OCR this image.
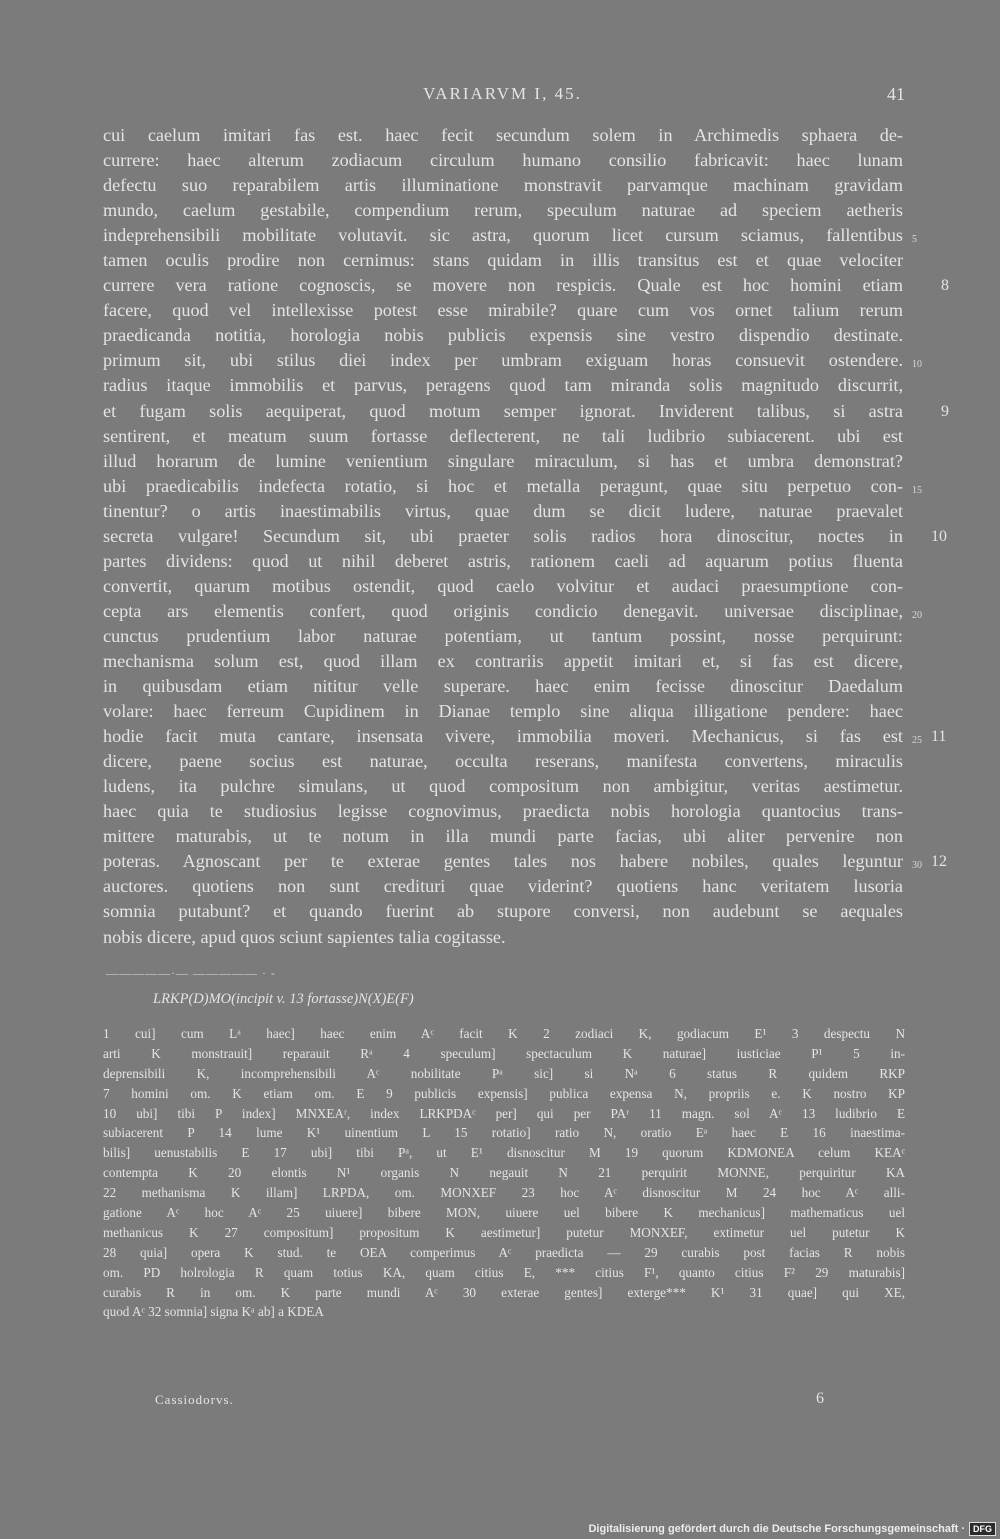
VARIARVM I, 45.	41
cui caelum imitari fas est. haec fecit secundum solem in Archimedis sphaera de-
currere: haec alterum zodiacum circulum humano consilio fabricavit: haec lunam
defectu suo reparabilem artis illuminatione monstravit parvamque machinam gravidam
mundo, caelum gestabile, compendium rerum, speculum naturae ad speciem aetheris
indeprehensibili mobilitate volutavit. sic astra, quorum licet cursum sciamus, fallentibus 5
tamen oculis prodire non cernimus: stans quidam in illis transitus est et quae velociter
currere vera ratione cognoscis, se movere non respicis. Quale est hoc homini etiam 8
facere, quod vel intellexisse potest esse mirabile? quare cum vos ornet talium rerum
praedicanda notitia, horologia nobis publicis expensis sine vestro dispendio destinate.
primum sit, ubi stilus diei index per umbram exiguam horas consuevit ostendere. 10
radius itaque immobilis et parvus, peragens quod tam miranda solis magnitudo discurrit,
et fugam solis aequiperat, quod motum semper ignorat. Inviderent talibus, si astra 9
sentirent, et meatum suum fortasse deflecterent, ne tali ludibrio subiacerent. ubi est
illud horarum de lumine venientium singulare miraculum, si has et umbra demonstrat?
ubi praedicabilis indefecta rotatio, si hoc et metalla peragunt, quae situ perpetuo con- 15
tinentur? o artis inaestimabilis virtus, quae dum se dicit ludere, naturae praevalet
secreta vulgare! Secundum sit, ubi praeter solis radios hora dinoscitur, noctes in 10
partes dividens: quod ut nihil deberet astris, rationem caeli ad aquarum potius fluenta
convertit, quarum motibus ostendit, quod caelo volvitur et audaci praesumptione con-
cepta ars elementis confert, quod originis condicio denegavit. universae disciplinae, 20
cunctus prudentium labor naturae potentiam, ut tantum possint, nosse perquirunt:
mechanisma solum est, quod illam ex contrariis appetit imitari et, si fas est dicere,
in quibusdam etiam nititur velle superare. haec enim fecisse dinoscitur Daedalum
volare: haec ferreum Cupidinem in Dianae templo sine aliqua illigatione pendere: haec
hodie facit muta cantare, insensata vivere, immobilia moveri. Mechanicus, si fas est 25 11
dicere, paene socius est naturae, occulta reserans, manifesta convertens, miraculis
ludens, ita pulchre simulans, ut quod compositum non ambigitur, veritas aestimetur.
haec quia te studiosius legisse cognovimus, praedicta nobis horologia quantocius trans-
mittere maturabis, ut te notum in illa mundi parte facias, ubi aliter pervenire non
poteras. Agnoscant per te exterae gentes tales nos habere nobiles, quales leguntur 30 12
auctores. quotiens non sunt credituri quae viderint? quotiens hanc veritatem lusoria
somnia putabunt? et quando fuerint ab stupore conversi, non audebunt se aequales
nobis dicere, apud quos sciunt sapientes talia cogitasse.
—————·— ————— · -
LRKP(D)MO(incipit v. 13 fortasse)N(X)E(F)
1 cui] cum Lᵃ haec] haec enim Aᶜ facit K 2 zodiaci K, godiacum E¹ 3 despectu N
arti K monstrauit] reparauit Rᵃ 4 speculum] spectaculum K naturae] iusticiae P¹ 5 in-
deprensibili K, incomprehensibili Aᶜ nobilitate Pᵃ sic] si Nᵃ 6 status R quidem RKP
7 homini om. K etiam om. E 9 publicis expensis] publica expensa N, propriis e. K nostro KP
10 ubi] tibi P index] MNXEAʳ, index LRKPDAᶜ per] qui per PAʳ 11 magn. sol Aᶜ 13 ludibrio E
subiacerent P 14 lume K¹ uinentium L 15 rotatio] ratio N, oratio Eᵃ haec E 16 inaestima-
bilis] uenustabilis E 17 ubi] tibi Pᵃ, ut E¹ disnoscitur M 19 quorum KDMONEA celum KEAᶜ
contempta K 20 elontis N¹ organis N negauit N 21 perquirit MONNE, perquiritur KA
22 methanisma K illam] LRPDA, om. MONXEF 23 hoc Aᶜ disnoscitur M 24 hoc Aᶜ alli-
gatione Aᶜ hoc Aᶜ 25 uiuere] bibere MON, uiuere uel bibere K mechanicus] mathematicus uel
methanicus K 27 compositum] propositum K aestimetur] putetur MONXEF, extimetur uel putetur K
28 quia] opera K stud. te OEA comperimus Aᶜ praedicta — 29 curabis post facias R nobis
om. PD holrologia R quam totius KA, quam citius E, *** citius F¹, quanto citius F² 29 maturabis]
curabis R in om. K parte mundi Aᶜ 30 exterae gentes] exterge*** K¹ 31 quae] qui XE,
quod Aᶜ 32 somnia] signa Kᵃ ab] a KDEA
Cassiodorvs.	6
Digitalisierung gefördert durch die Deutsche Forschungsgemeinschaft · DFG
